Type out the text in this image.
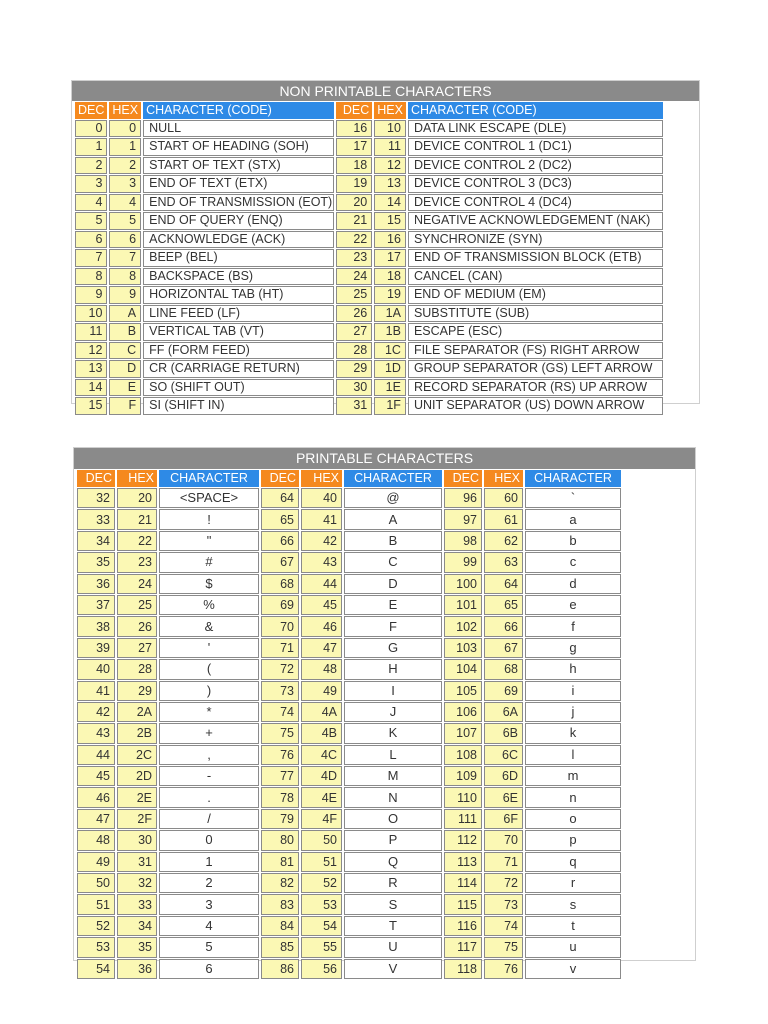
NON PRINTABLE CHARACTERS
DEC	HEX	CHARACTER (CODE)	DEC	HEX	CHARACTER (CODE)
0	0	NULL	16	10	DATA LINK ESCAPE (DLE)
1	1	START OF HEADING (SOH)	17	11	DEVICE CONTROL 1 (DC1)
2	2	START OF TEXT (STX)	18	12	DEVICE CONTROL 2 (DC2)
3	3	END OF TEXT (ETX)	19	13	DEVICE CONTROL 3 (DC3)
4	4	END OF TRANSMISSION (EOT)	20	14	DEVICE CONTROL 4 (DC4)
5	5	END OF QUERY (ENQ)	21	15	NEGATIVE ACKNOWLEDGEMENT (NAK)
6	6	ACKNOWLEDGE (ACK)	22	16	SYNCHRONIZE (SYN)
7	7	BEEP (BEL)	23	17	END OF TRANSMISSION BLOCK (ETB)
8	8	BACKSPACE (BS)	24	18	CANCEL (CAN)
9	9	HORIZONTAL TAB (HT)	25	19	END OF MEDIUM (EM)
10	A	LINE FEED (LF)	26	1A	SUBSTITUTE (SUB)
11	B	VERTICAL TAB (VT)	27	1B	ESCAPE (ESC)
12	C	FF (FORM FEED)	28	1C	FILE SEPARATOR (FS) RIGHT ARROW
13	D	CR (CARRIAGE RETURN)	29	1D	GROUP SEPARATOR (GS) LEFT ARROW
14	E	SO (SHIFT OUT)	30	1E	RECORD SEPARATOR (RS) UP ARROW
15	F	SI (SHIFT IN)	31	1F	UNIT SEPARATOR (US) DOWN ARROW
PRINTABLE CHARACTERS
DEC	HEX	CHARACTER	DEC	HEX	CHARACTER	DEC	HEX	CHARACTER
32	20	<SPACE>	64	40	@	96	60	`
33	21	!	65	41	A	97	61	a
34	22	"	66	42	B	98	62	b
35	23	#	67	43	C	99	63	c
36	24	$	68	44	D	100	64	d
37	25	%	69	45	E	101	65	e
38	26	&	70	46	F	102	66	f
39	27	'	71	47	G	103	67	g
40	28	(	72	48	H	104	68	h
41	29	)	73	49	I	105	69	i
42	2A	*	74	4A	J	106	6A	j
43	2B	+	75	4B	K	107	6B	k
44	2C	,	76	4C	L	108	6C	l
45	2D	-	77	4D	M	109	6D	m
46	2E	.	78	4E	N	110	6E	n
47	2F	/	79	4F	O	111	6F	o
48	30	0	80	50	P	112	70	p
49	31	1	81	51	Q	113	71	q
50	32	2	82	52	R	114	72	r
51	33	3	83	53	S	115	73	s
52	34	4	84	54	T	116	74	t
53	35	5	85	55	U	117	75	u
54	36	6	86	56	V	118	76	v
